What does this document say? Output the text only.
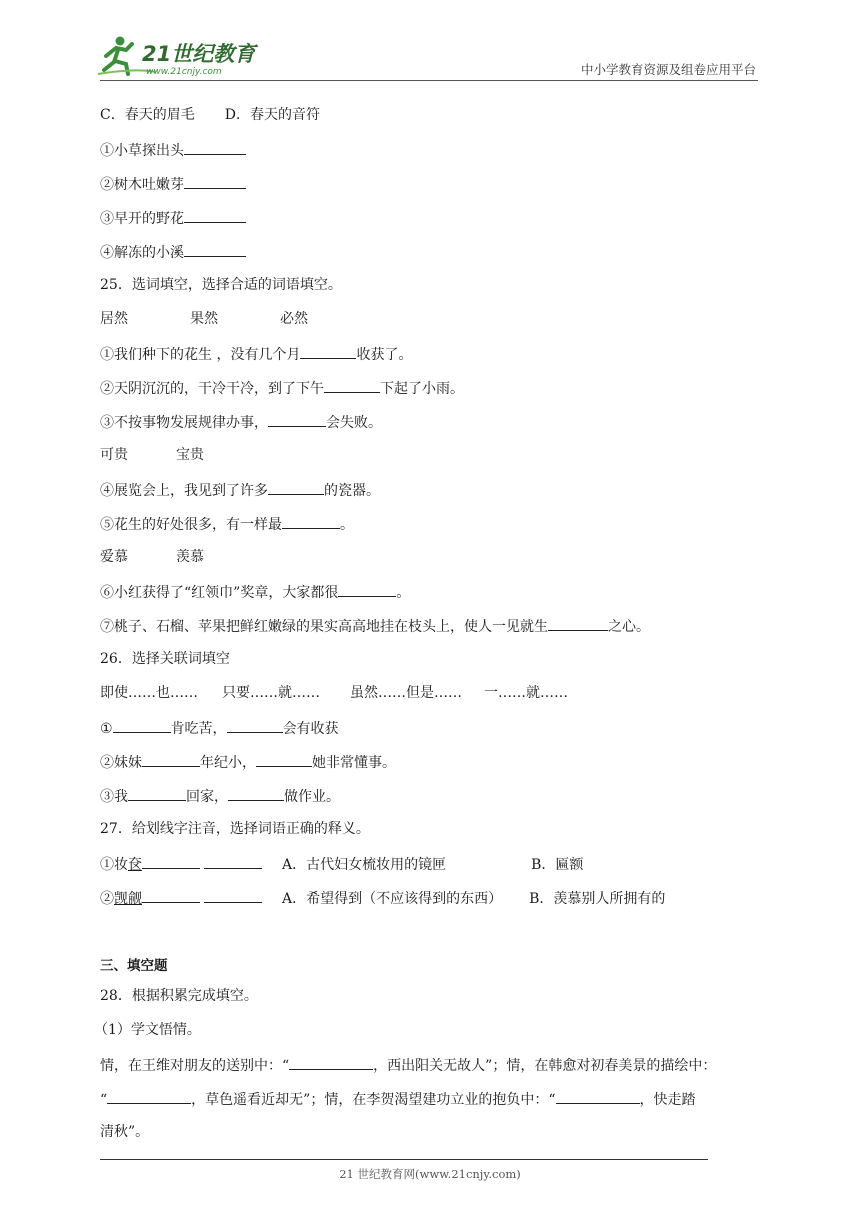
21世纪教育
www.21cnjy.com	中小学教育资源及组卷应用平台
C．春天的眉毛 D．春天的音符
①小草探出头
②树木吐嫩芽
③早开的野花
④解冻的小溪
25．选词填空，选择合适的词语填空。
居然	果然	必然
①我们种下的花生 ，没有几个月	收获了。
②天阴沉沉的，干冷干冷，到了下午	下起了小雨。
③不按事物发展规律办事，	会失败。
可贵	宝贵
④展览会上，我见到了许多	的瓷器。
⑤花生的好处很多，有一样最	。
爱慕	羡慕
⑥小红获得了“红领巾”奖章，大家都很	。
⑦桃子、石榴、苹果把鲜红嫩绿的果实高高地挂在枝头上，使人一见就生	之心。
26．选择关联词填空
即使……也…… 只要……就…… 虽然……但是…… 一……就……
①	肯吃苦，	会有收获
②妹妹	年纪小，	她非常懂事。
③我	回家，	做作业。
27．给划线字注音，选择词语正确的释义。
①妆奁	A．古代妇女梳妆用的镜匣	B．匾额
②觊觎	A．希望得到（不应该得到的东西） B．羡慕别人所拥有的
三、填空题
28．根据积累完成填空。
（1）学文悟情。
情，在王维对朋友的送别中：“	，西出阳关无故人”；情，在韩愈对初春美景的描绘中：
“	，草色遥看近却无”；情，在李贺渴望建功立业的抱负中：“	，快走踏
清秋”。
21 世纪教育网(www.21cnjy.com)
